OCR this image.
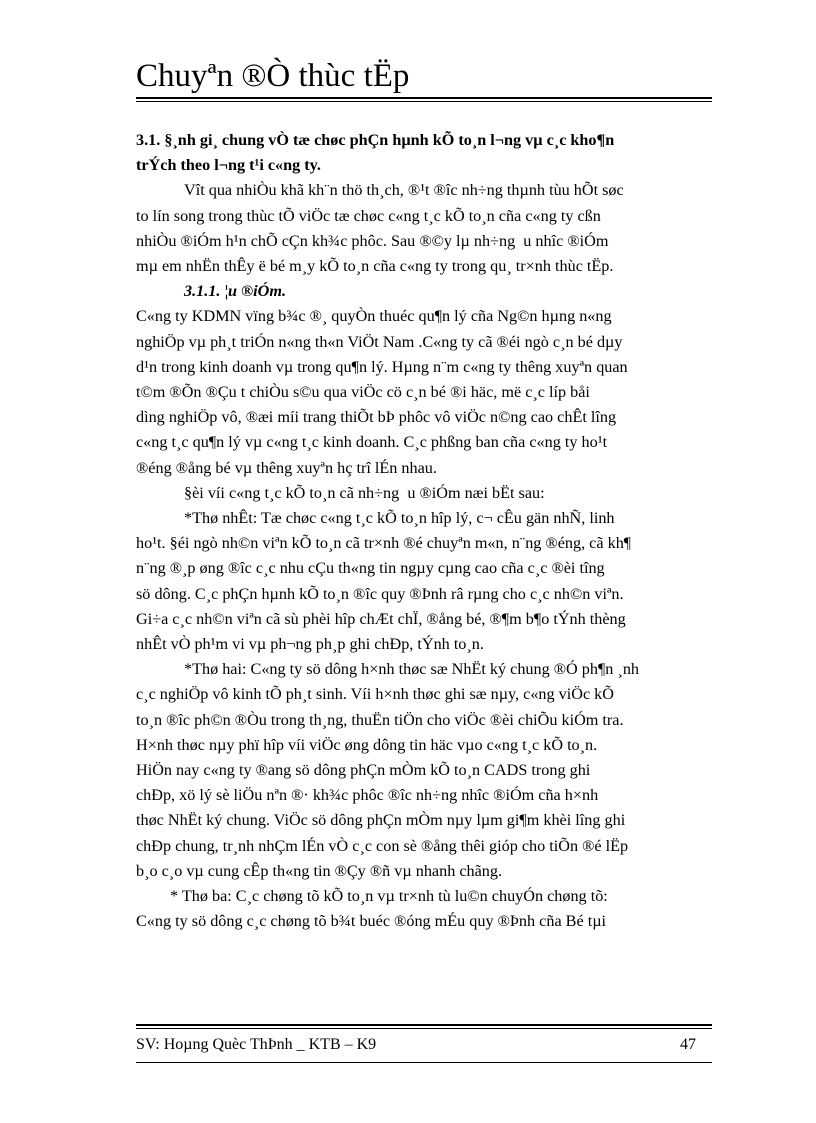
Chuyªn ®Ò thùc tËp
3.1. §¸nh gi¸ chung vÒ tæ chøc phÇn hµnh kÕ to¸n l¬ng vµ c¸c kho¶n
trÝch theo l¬ng t¹i c«ng ty.
Vît qua nhiÒu khã kh¨n thö th¸ch, ®¹t ®îc nh÷ng thµnh tùu hÕt søc
to lín song trong thùc tÕ viÖc tæ chøc c«ng t¸c kÕ to¸n cña c«ng ty cßn
nhiÒu ®iÓm h¹n chÕ cÇn kh¾c phôc. Sau ®©y lµ nh÷ng u nhîc ®iÓm
mµ em nhËn thÊy ë bé m¸y kÕ to¸n cña c«ng ty trong qu¸ tr×nh thùc tËp.
3.1.1. ¦u ®iÓm.
C«ng ty KDMN vïng b¾c ®¸ quyÒn thuéc qu¶n lý cña Ng©n hµng n«ng
nghiÖp vµ ph¸t triÓn n«ng th«n ViÖt Nam .C«ng ty cã ®éi ngò c¸n bé dµy
d¹n trong kinh doanh vµ trong qu¶n lý. Hµng n¨m c«ng ty thêng xuyªn quan
t©m ®Õn ®Çu t chiÒu s©u qua viÖc cö c¸n bé ®i häc, më c¸c líp båi
dìng nghiÖp vô, ®æi míi trang thiÕt bÞ phôc vô viÖc n©ng cao chÊt lîng
c«ng t¸c qu¶n lý vµ c«ng t¸c kinh doanh. C¸c phßng ban cña c«ng ty ho¹t
®éng ®ång bé vµ thêng xuyªn hç trî lÉn nhau.
§èi víi c«ng t¸c kÕ to¸n cã nh÷ng u ®iÓm næi bËt sau:
*Thø nhÊt: Tæ chøc c«ng t¸c kÕ to¸n hîp lý, c¬ cÊu gän nhÑ, linh
ho¹t. §éi ngò nh©n viªn kÕ to¸n cã tr×nh ®é chuyªn m«n, n¨ng ®éng, cã kh¶
n¨ng ®¸p øng ®îc c¸c nhu cÇu th«ng tin ngµy cµng cao cña c¸c ®èi tîng
sö dông. C¸c phÇn hµnh kÕ to¸n ®îc quy ®Þnh râ rµng cho c¸c nh©n viªn.
Gi÷a c¸c nh©n viªn cã sù phèi hîp chÆt chÏ, ®ång bé, ®¶m b¶o tÝnh thèng
nhÊt vÒ ph¹m vi vµ ph¬ng ph¸p ghi chÐp, tÝnh to¸n.
*Thø hai: C«ng ty sö dông h×nh thøc sæ NhËt ký chung ®Ó ph¶n ¸nh
c¸c nghiÖp vô kinh tÕ ph¸t sinh. Víi h×nh thøc ghi sæ nµy, c«ng viÖc kÕ
to¸n ®îc ph©n ®Òu trong th¸ng, thuËn tiÖn cho viÖc ®èi chiÕu kiÓm tra.
H×nh thøc nµy phï hîp víi viÖc øng dông tin häc vµo c«ng t¸c kÕ to¸n.
HiÖn nay c«ng ty ®ang sö dông phÇn mÒm kÕ to¸n CADS trong ghi
chÐp, xö lý sè liÖu nªn ®· kh¾c phôc ®îc nh÷ng nhîc ®iÓm cña h×nh
thøc NhËt ký chung. ViÖc sö dông phÇn mÒm nµy lµm gi¶m khèi lîng ghi
chÐp chung, tr¸nh nhÇm lÉn vÒ c¸c con sè ®ång thêi gióp cho tiÕn ®é lËp
b¸o c¸o vµ cung cÊp th«ng tin ®Çy ®ñ vµ nhanh chãng.
* Thø ba: C¸c chøng tõ kÕ to¸n vµ tr×nh tù lu©n chuyÓn chøng tõ:
C«ng ty sö dông c¸c chøng tõ b¾t buéc ®óng mÉu quy ®Þnh cña Bé tµi
SV: Hoµng Quèc ThÞnh _ KTB – K9	47
